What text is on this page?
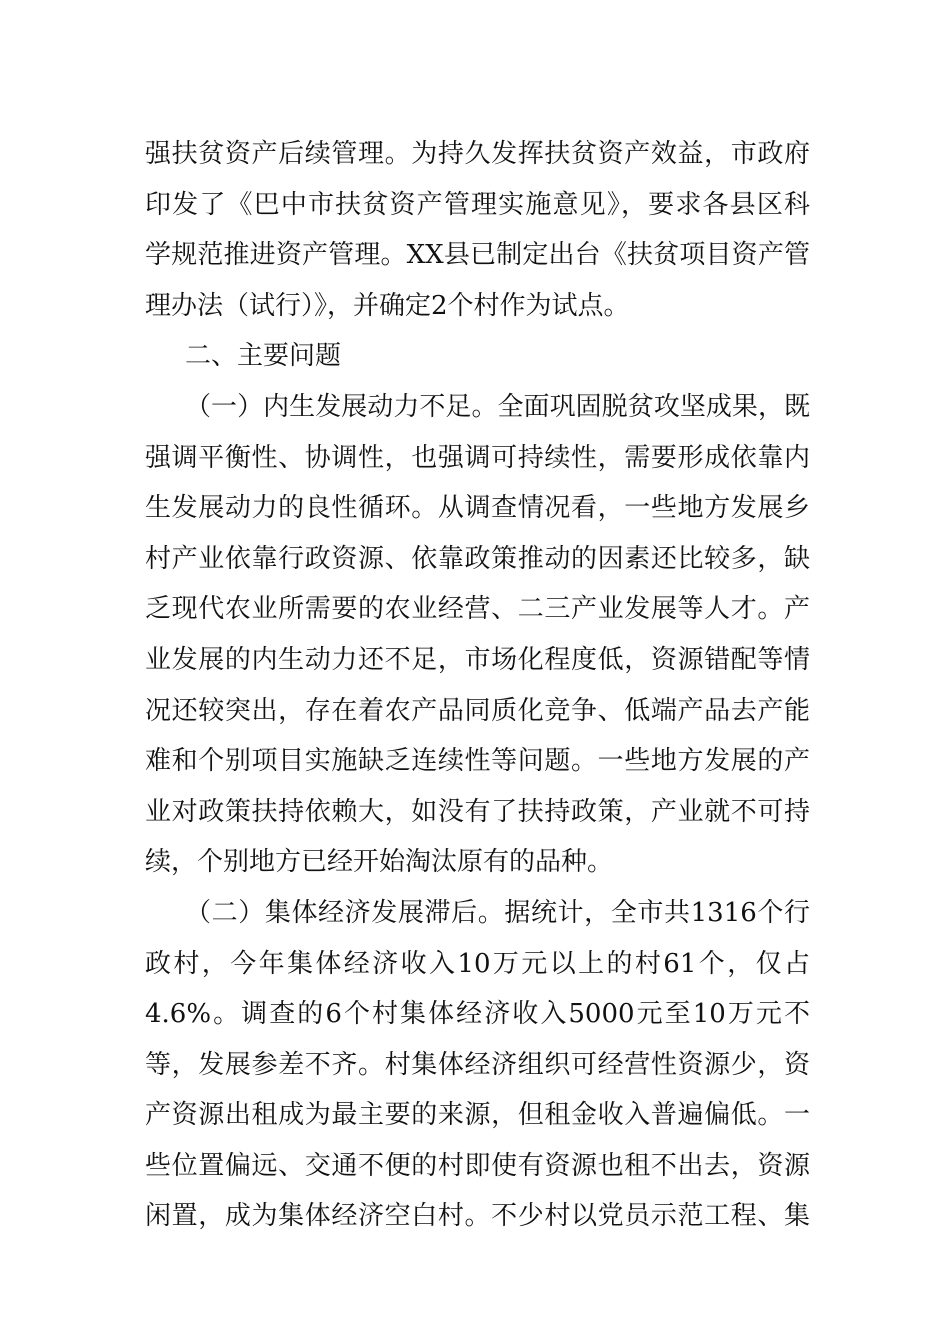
强扶贫资产后续管理。为持久发挥扶贫资产效益，市政府
印发了《巴中市扶贫资产管理实施意见》，要求各县区科
学规范推进资产管理。XX县已制定出台《扶贫项目资产管
理办法（试行）》，并确定2个村作为试点。
二、主要问题
（一）内生发展动力不足。全面巩固脱贫攻坚成果，既
强调平衡性、协调性，也强调可持续性，需要形成依靠内
生发展动力的良性循环。从调查情况看，一些地方发展乡
村产业依靠行政资源、依靠政策推动的因素还比较多，缺
乏现代农业所需要的农业经营、二三产业发展等人才。产
业发展的内生动力还不足，市场化程度低，资源错配等情
况还较突出，存在着农产品同质化竞争、低端产品去产能
难和个别项目实施缺乏连续性等问题。一些地方发展的产
业对政策扶持依赖大，如没有了扶持政策，产业就不可持
续，个别地方已经开始淘汰原有的品种。
（二）集体经济发展滞后。据统计，全市共1316个行
政村，今年集体经济收入10万元以上的村61个，仅占
4.6%。调查的6个村集体经济收入5000元至10万元不
等，发展参差不齐。村集体经济组织可经营性资源少，资
产资源出租成为最主要的来源，但租金收入普遍偏低。一
些位置偏远、交通不便的村即使有资源也租不出去，资源
闲置，成为集体经济空白村。不少村以党员示范工程、集
